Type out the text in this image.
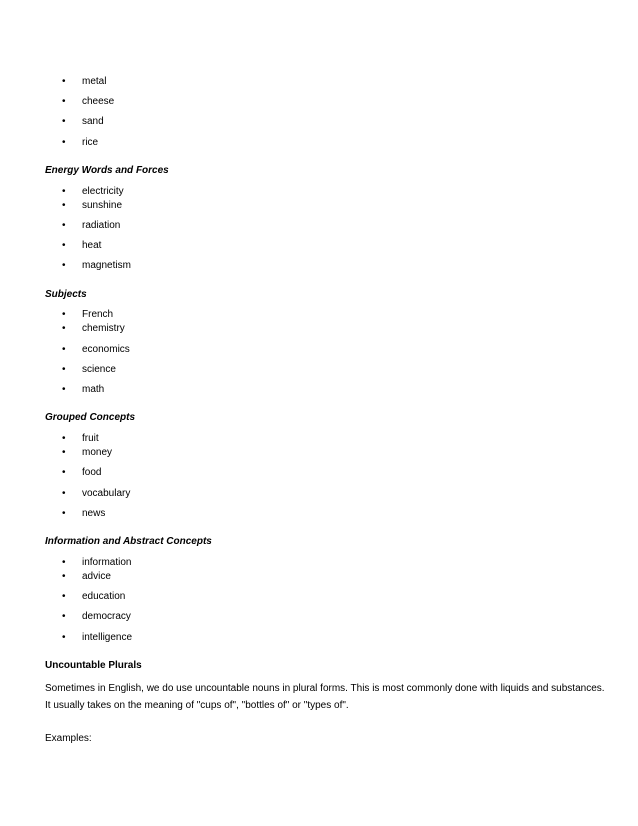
•	metal
•	cheese
•	sand
•	rice
Energy Words and Forces
•	electricity
•	sunshine
•	radiation
•	heat
•	magnetism
Subjects
•	French
•	chemistry
•	economics
•	science
•	math
Grouped Concepts
•	fruit
•	money
•	food
•	vocabulary
•	news
Information and Abstract Concepts
•	information
•	advice
•	education
•	democracy
•	intelligence
Uncountable Plurals

Sometimes in English, we do use uncountable nouns in plural forms. This is most commonly done with liquids and substances. It usually takes on the meaning of "cups of", "bottles of" or "types of".

Examples:
